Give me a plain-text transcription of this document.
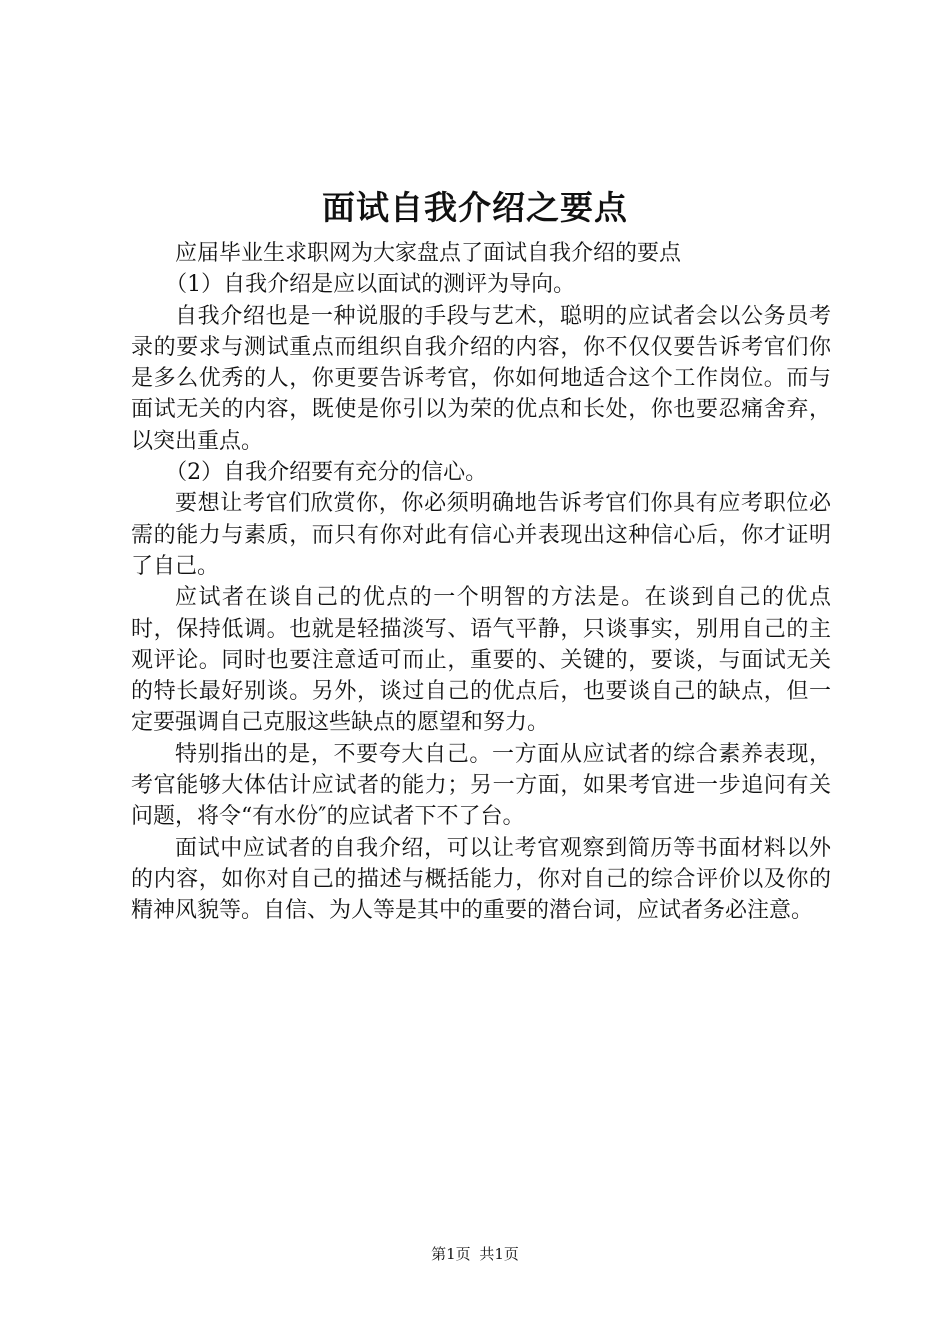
面试自我介绍之要点

应届毕业生求职网为大家盘点了面试自我介绍的要点

（1）自我介绍是应以面试的测评为导向。

自我介绍也是一种说服的手段与艺术，聪明的应试者会以公务员考录的要求与测试重点而组织自我介绍的内容，你不仅仅要告诉考官们你是多么优秀的人，你更要告诉考官，你如何地适合这个工作岗位。而与面试无关的内容，既使是你引以为荣的优点和长处，你也要忍痛舍弃，以突出重点。

（2）自我介绍要有充分的信心。

要想让考官们欣赏你，你必须明确地告诉考官们你具有应考职位必需的能力与素质，而只有你对此有信心并表现出这种信心后，你才证明了自己。

应试者在谈自己的优点的一个明智的方法是。在谈到自己的优点时，保持低调。也就是轻描淡写、语气平静，只谈事实，别用自己的主观评论。同时也要注意适可而止，重要的、关键的，要谈，与面试无关的特长最好别谈。另外，谈过自己的优点后，也要谈自己的缺点，但一定要强调自己克服这些缺点的愿望和努力。

特别指出的是，不要夸大自己。一方面从应试者的综合素养表现，考官能够大体估计应试者的能力；另一方面，如果考官进一步追问有关问题，将令“有水份″的应试者下不了台。

面试中应试者的自我介绍，可以让考官观察到简历等书面材料以外的内容，如你对自己的描述与概括能力，你对自己的综合评价以及你的精神风貌等。自信、为人等是其中的重要的潜台词，应试者务必注意。

第1页 共1页
